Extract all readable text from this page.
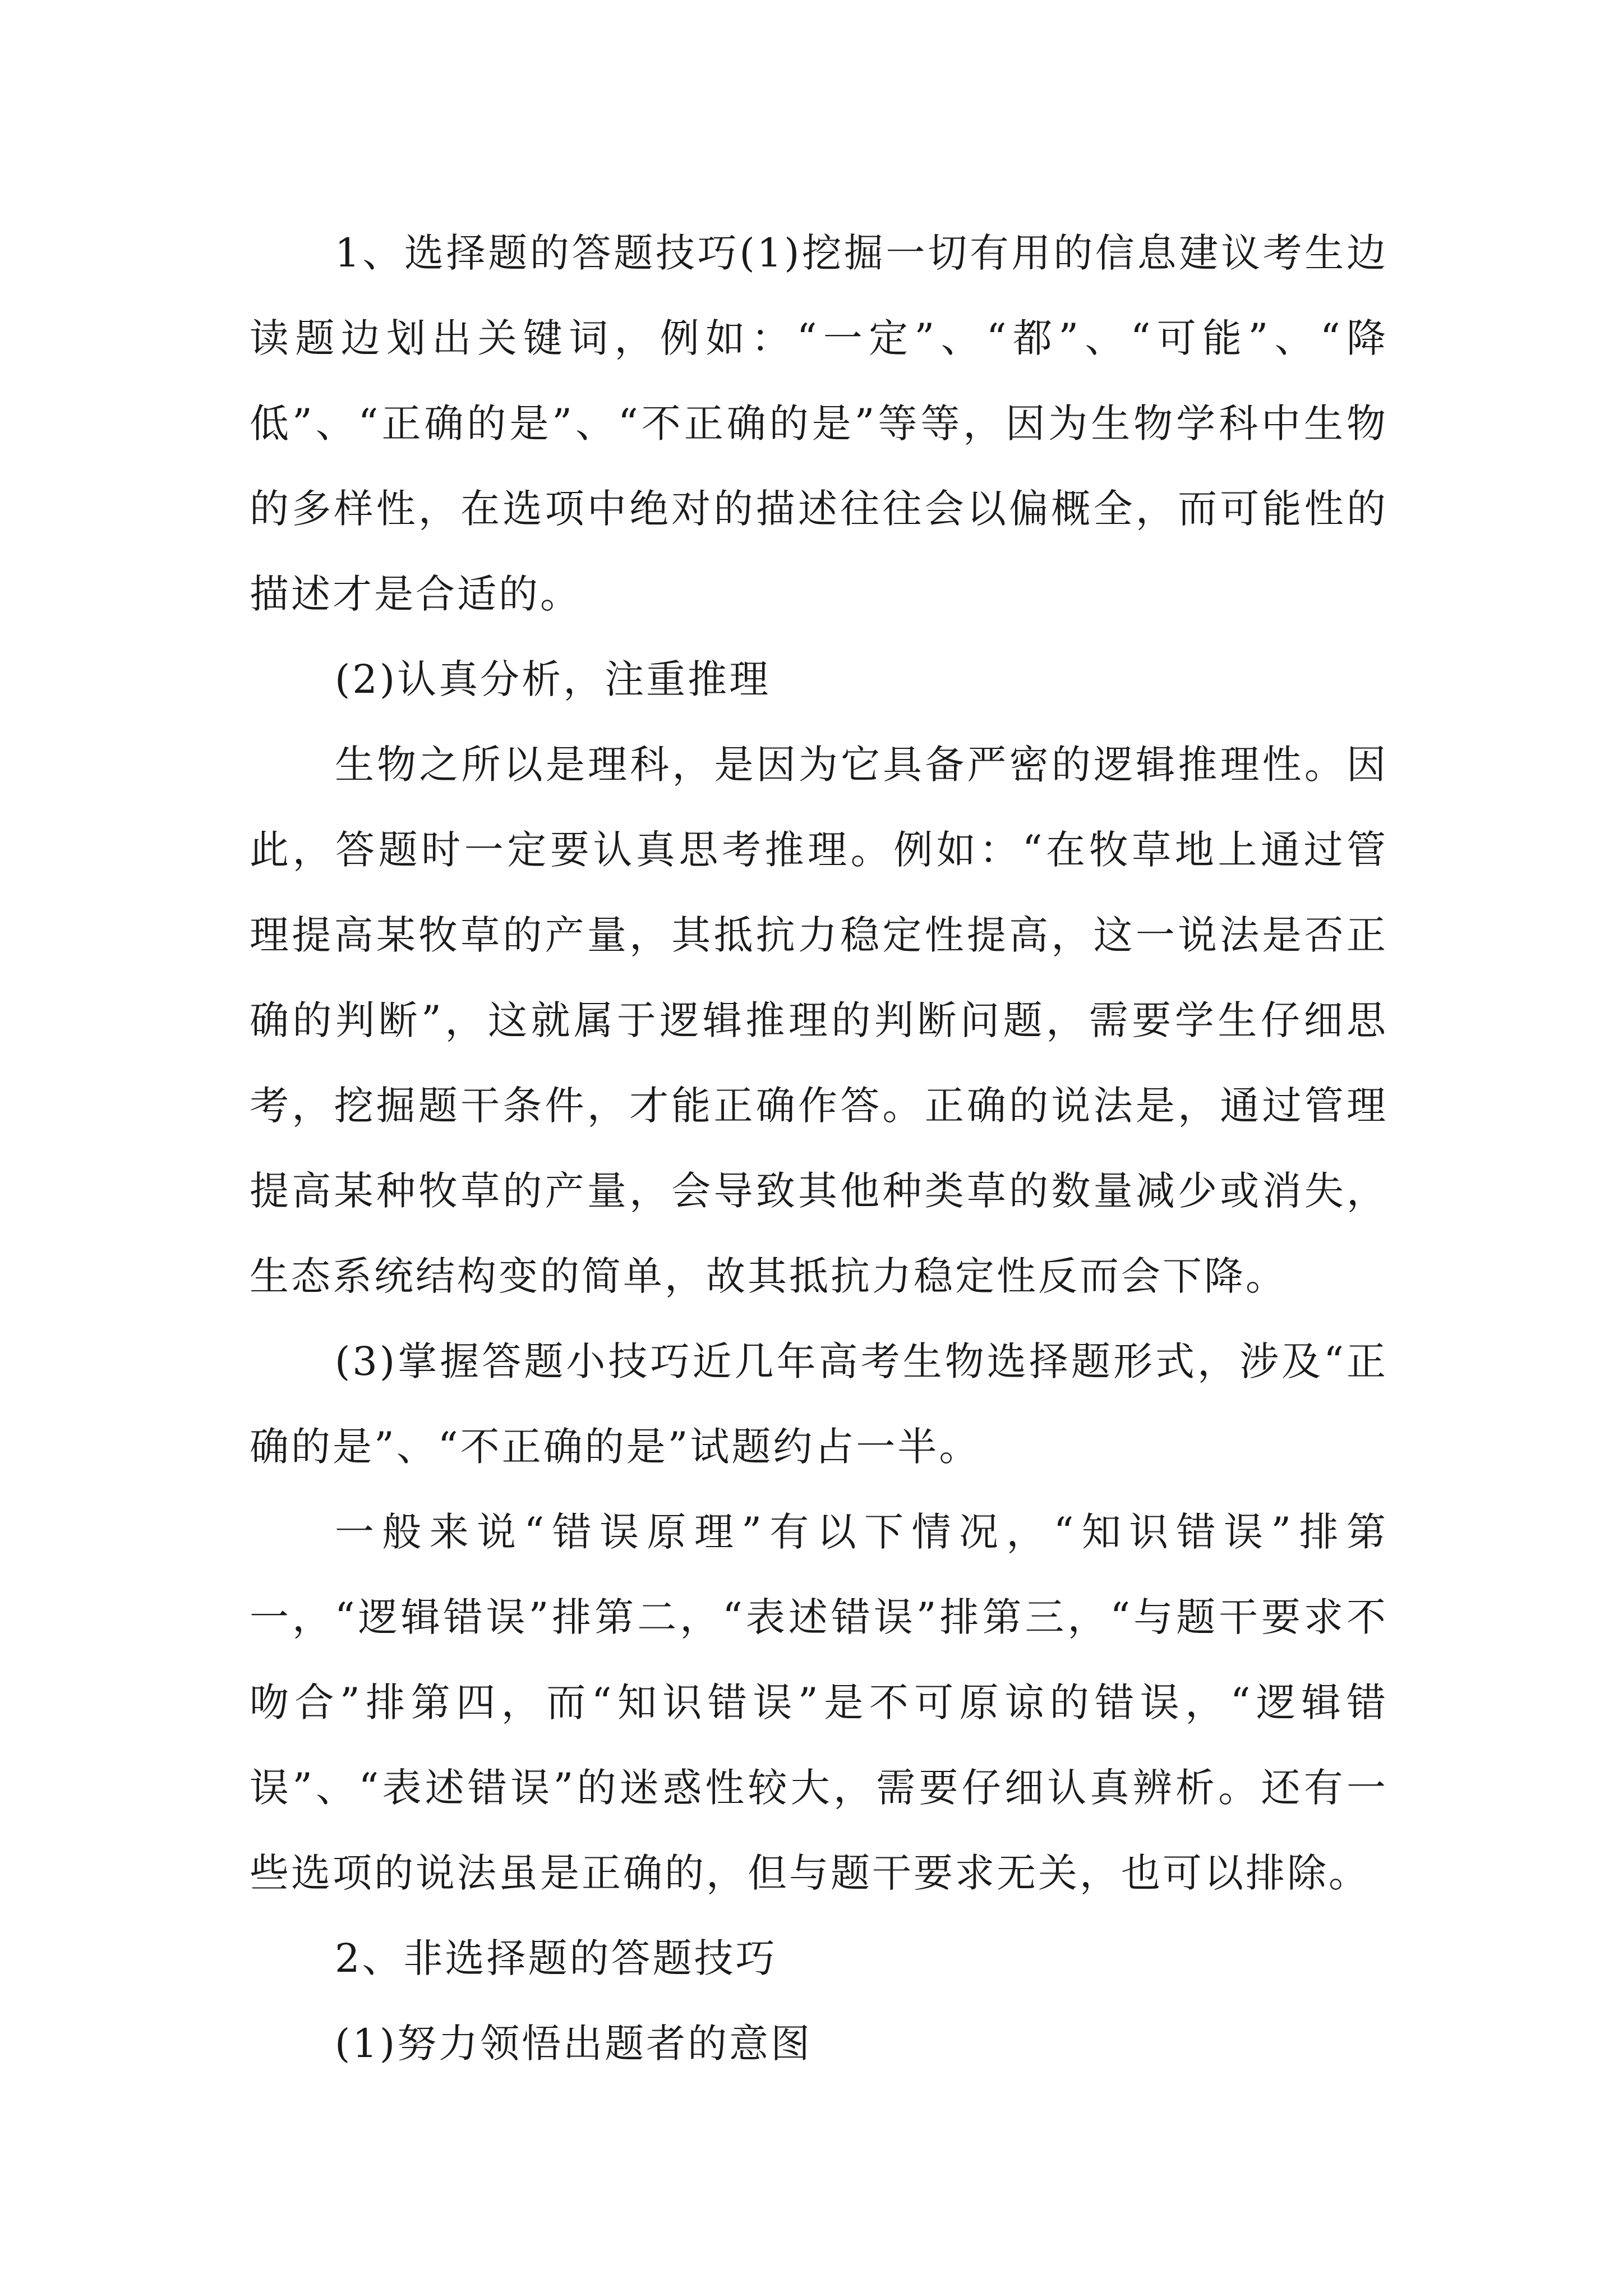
1、选择题的答题技巧(1)挖掘一切有用的信息建议考生边读题边划出关键词，例如：“一定”、“都”、“可能”、“降低”、“正确的是”、“不正确的是”等等，因为生物学科中生物的多样性，在选项中绝对的描述往往会以偏概全，而可能性的描述才是合适的。

(2)认真分析，注重推理

生物之所以是理科，是因为它具备严密的逻辑推理性。因此，答题时一定要认真思考推理。例如：“在牧草地上通过管理提高某牧草的产量，其抵抗力稳定性提高，这一说法是否正确的判断”，这就属于逻辑推理的判断问题，需要学生仔细思考，挖掘题干条件，才能正确作答。正确的说法是，通过管理提高某种牧草的产量，会导致其他种类草的数量减少或消失，生态系统结构变的简单，故其抵抗力稳定性反而会下降。

(3)掌握答题小技巧近几年高考生物选择题形式，涉及“正确的是”、“不正确的是”试题约占一半。

一般来说“错误原理”有以下情况，“知识错误”排第一，“逻辑错误”排第二，“表述错误”排第三，“与题干要求不吻合”排第四，而“知识错误”是不可原谅的错误，“逻辑错误”、“表述错误”的迷惑性较大，需要仔细认真辨析。还有一些选项的说法虽是正确的，但与题干要求无关，也可以排除。

2、非选择题的答题技巧

(1)努力领悟出题者的意图
